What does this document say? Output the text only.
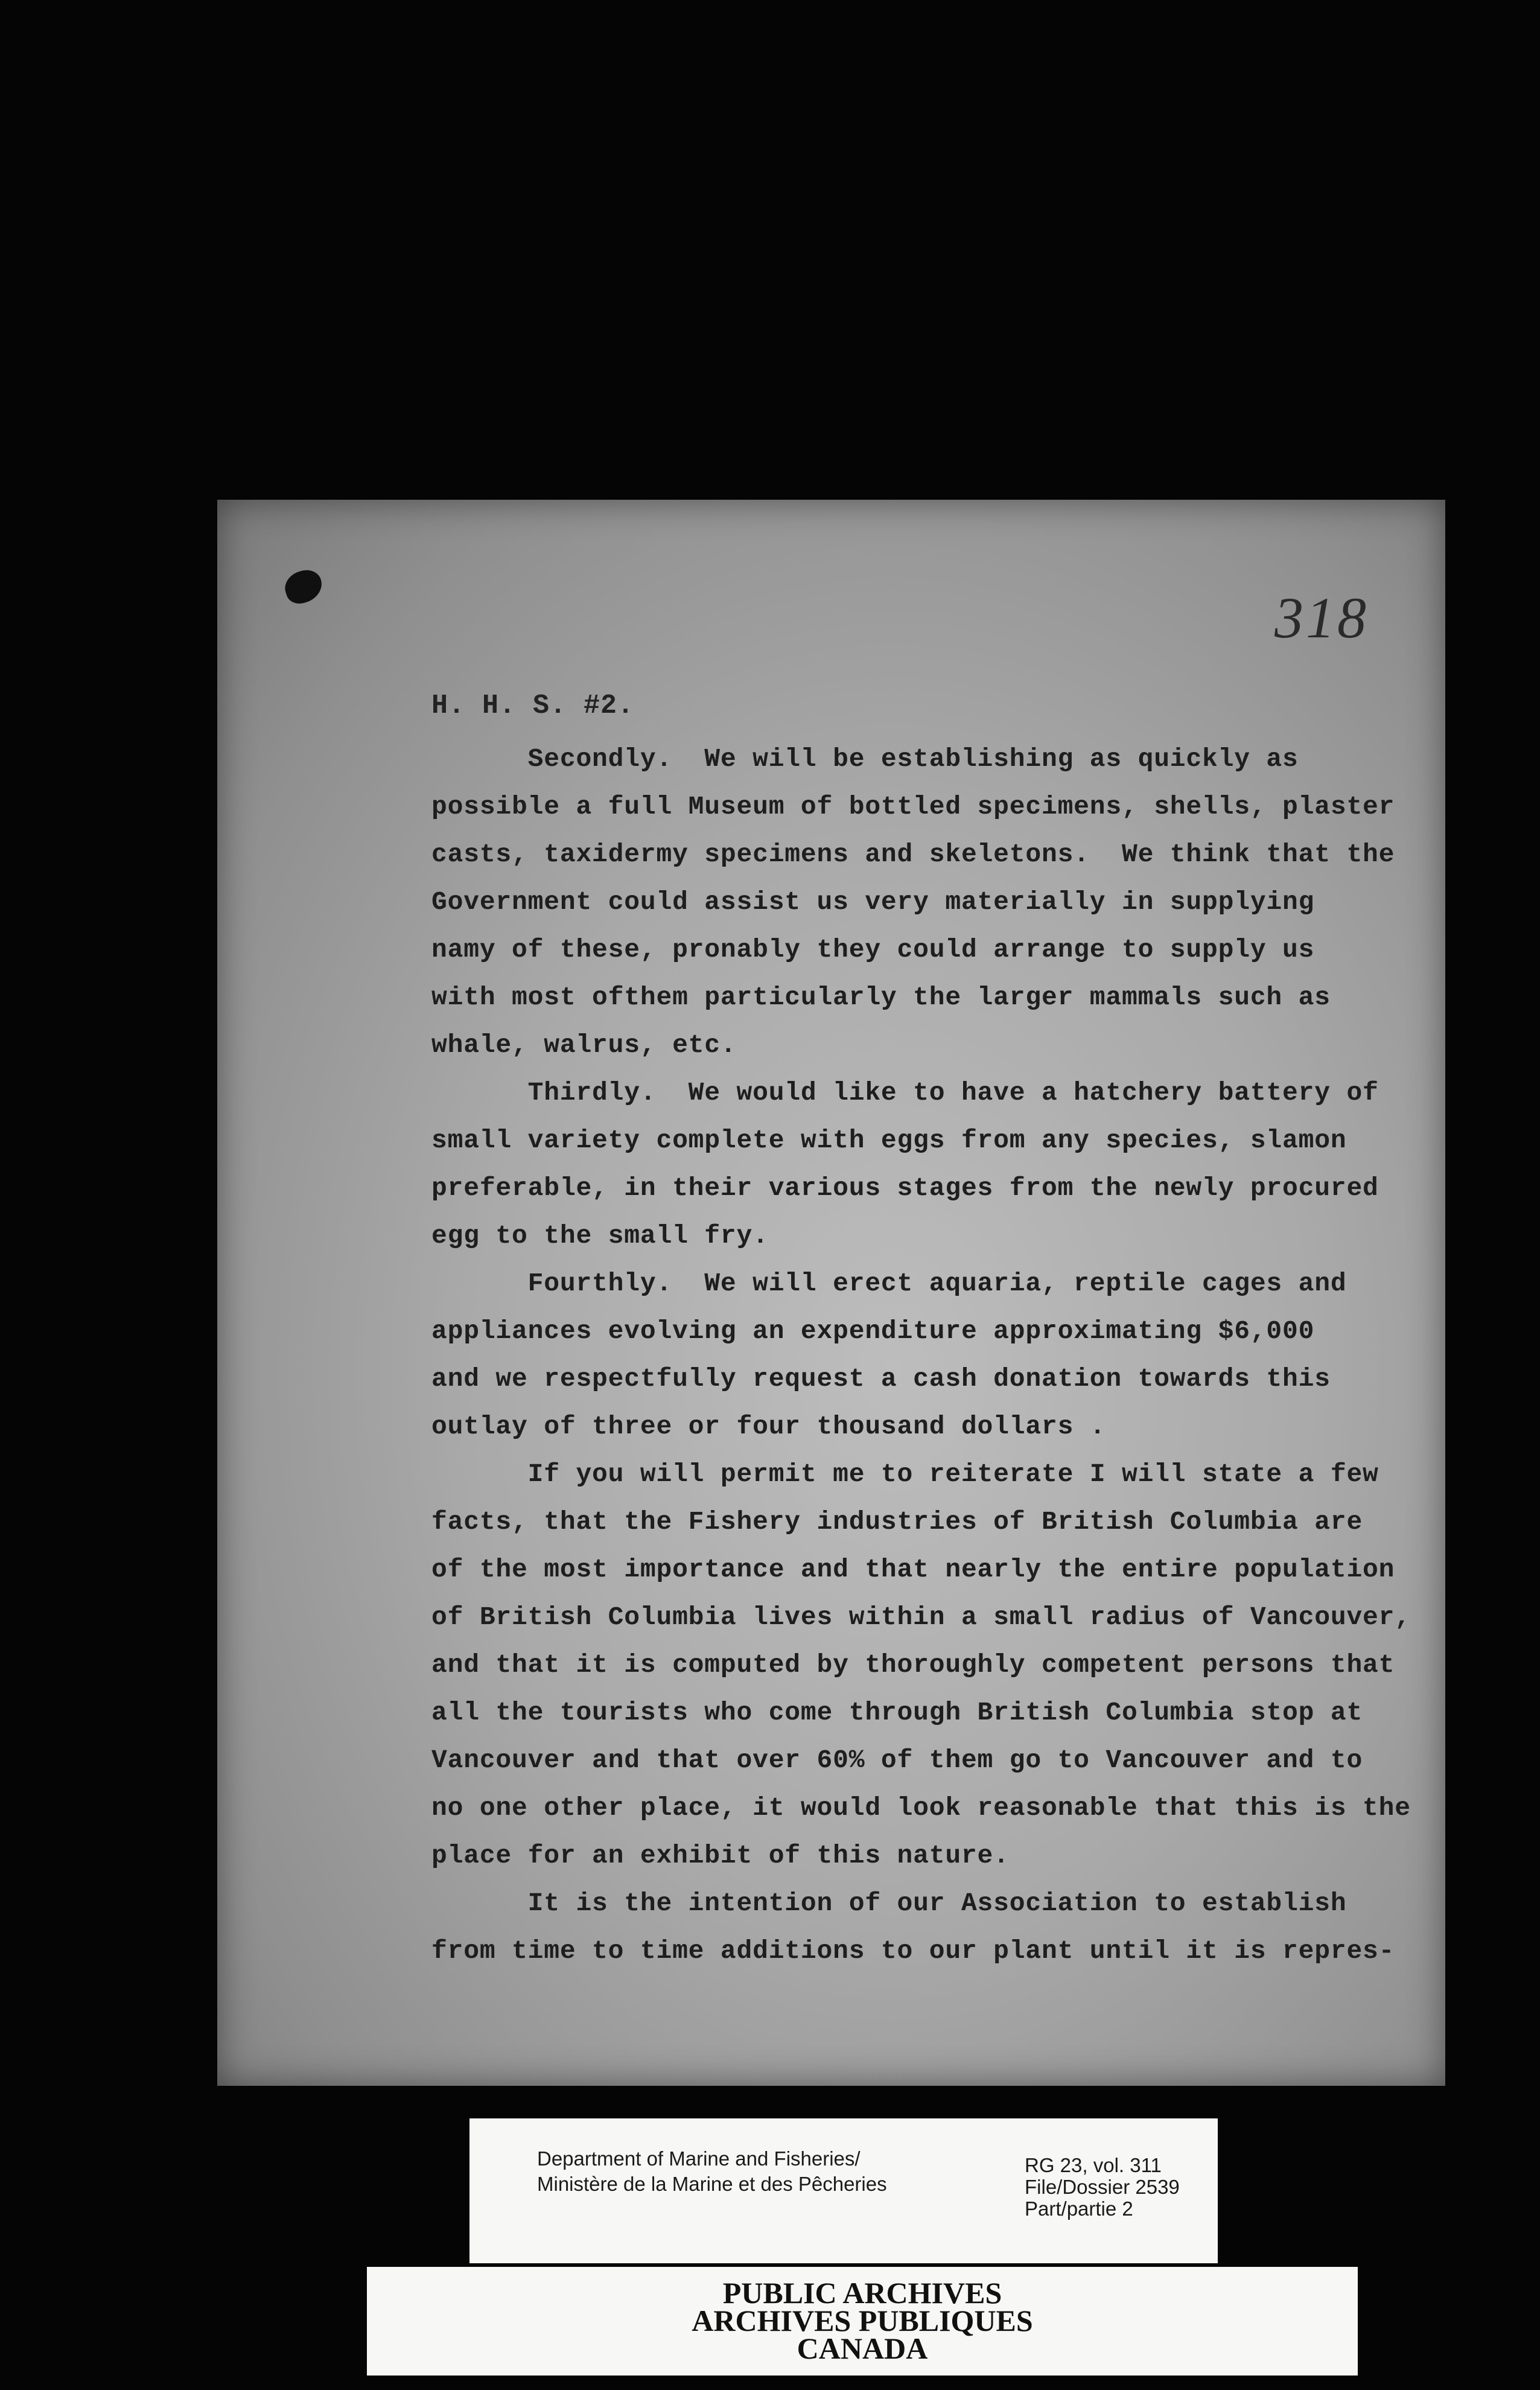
318
H. H. S. #2.
Secondly.  We will be establishing as quickly as
possible a full Museum of bottled specimens, shells, plaster
casts, taxidermy specimens and skeletons.  We think that the
Government could assist us very materially in supplying
namy of these, pronably they could arrange to supply us
with most ofthem particularly the larger mammals such as
whale, walrus, etc.
Thirdly.  We would like to have a hatchery battery of
small variety complete with eggs from any species, slamon
preferable, in their various stages from the newly procured
egg to the small fry.
Fourthly.  We will erect aquaria, reptile cages and
appliances evolving an expenditure approximating $6,000
and we respectfully request a cash donation towards this
outlay of three or four thousand dollars .
If you will permit me to reiterate I will state a few
facts, that the Fishery industries of British Columbia are
of the most importance and that nearly the entire population
of British Columbia lives within a small radius of Vancouver,
and that it is computed by thoroughly competent persons that
all the tourists who come through British Columbia stop at
Vancouver and that over 60% of them go to Vancouver and to
no one other place, it would look reasonable that this is the
place for an exhibit of this nature.
It is the intention of our Association to establish
from time to time additions to our plant until it is repres-
Department of Marine and Fisheries/
Ministère de la Marine et des Pêcheries
RG 23, vol. 311
File/Dossier 2539
Part/partie 2
PUBLIC ARCHIVES
ARCHIVES PUBLIQUES
CANADA
